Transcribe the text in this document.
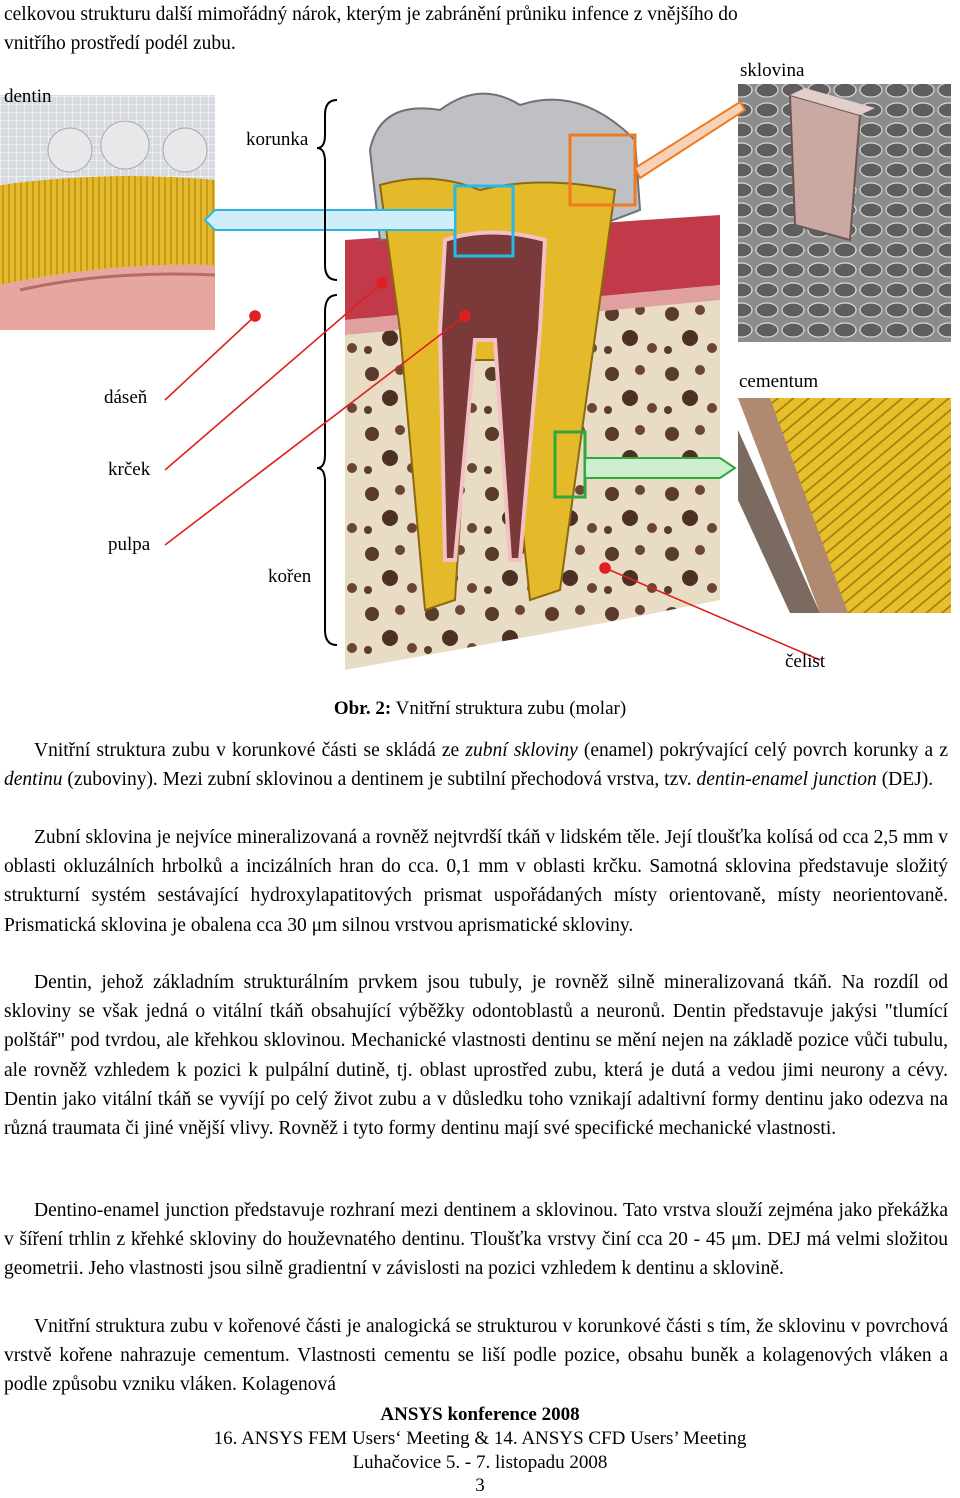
celkovou strukturu další mimořádný nárok, kterým je zabránění průniku infence z vnějšího do

vnitřího prostředí podél zubu.

dentin
korunka
sklovina
dáseň
krček
pulpa
kořen
cementum
čelist
Obr. 2: Vnitřní struktura zubu (molar)

Vnitřní struktura zubu v korunkové části se skládá ze zubní skloviny (enamel) pokrývající celý povrch korunky a z dentinu (zuboviny). Mezi zubní sklovinou a dentinem je subtilní přechodová vrstva, tzv. dentin-enamel junction (DEJ).

Zubní sklovina je nejvíce mineralizovaná a rovněž nejtvrdší tkáň v lidském těle. Její tloušťka kolísá od cca 2,5 mm v oblasti okluzálních hrbolků a incizálních hran do cca. 0,1 mm v oblasti krčku. Samotná sklovina představuje složitý strukturní systém sestávající hydroxylapatitových prismat uspořádaných místy orientovaně, místy neorientovaně. Prismatická sklovina je obalena cca 30 μm silnou vrstvou aprismatické skloviny.

Dentin, jehož základním strukturálním prvkem jsou tubuly, je rovněž silně mineralizovaná tkáň. Na rozdíl od skloviny se však jedná o vitální tkáň obsahující výběžky odontoblastů a neuronů. Dentin představuje jakýsi "tlumící polštář" pod tvrdou, ale křehkou sklovinou. Mechanické vlastnosti dentinu se mění nejen na základě pozice vůči tubulu, ale rovněž vzhledem k pozici k pulpální dutině, tj. oblast uprostřed zubu, která je dutá a vedou jimi neurony a cévy. Dentin jako vitální tkáň se vyvíjí po celý život zubu a v důsledku toho vznikají adaltivní formy dentinu jako odezva na různá traumata či jiné vnější vlivy. Rovněž i tyto formy dentinu mají své specifické mechanické vlastnosti.

Dentino-enamel junction představuje rozhraní mezi dentinem a sklovinou. Tato vrstva slouží zejména jako překážka v šíření trhlin z křehké skloviny do houževnatého dentinu. Tloušťka vrstvy činí cca 20 - 45 μm. DEJ má velmi složitou geometrii. Jeho vlastnosti jsou silně gradientní v závislosti na pozici vzhledem k dentinu a sklovině.

Vnitřní struktura zubu v kořenové části je analogická se strukturou v korunkové části s tím, že sklovinu v povrchová vrstvě kořene nahrazuje cementum. Vlastnosti cementu se liší podle pozice, obsahu buněk a kolagenových vláken a podle způsobu vzniku vláken. Kolagenová

ANSYS konference 2008
16. ANSYS FEM Users‘ Meeting & 14. ANSYS CFD Users’ Meeting
Luhačovice 5. - 7. listopadu 2008
3
